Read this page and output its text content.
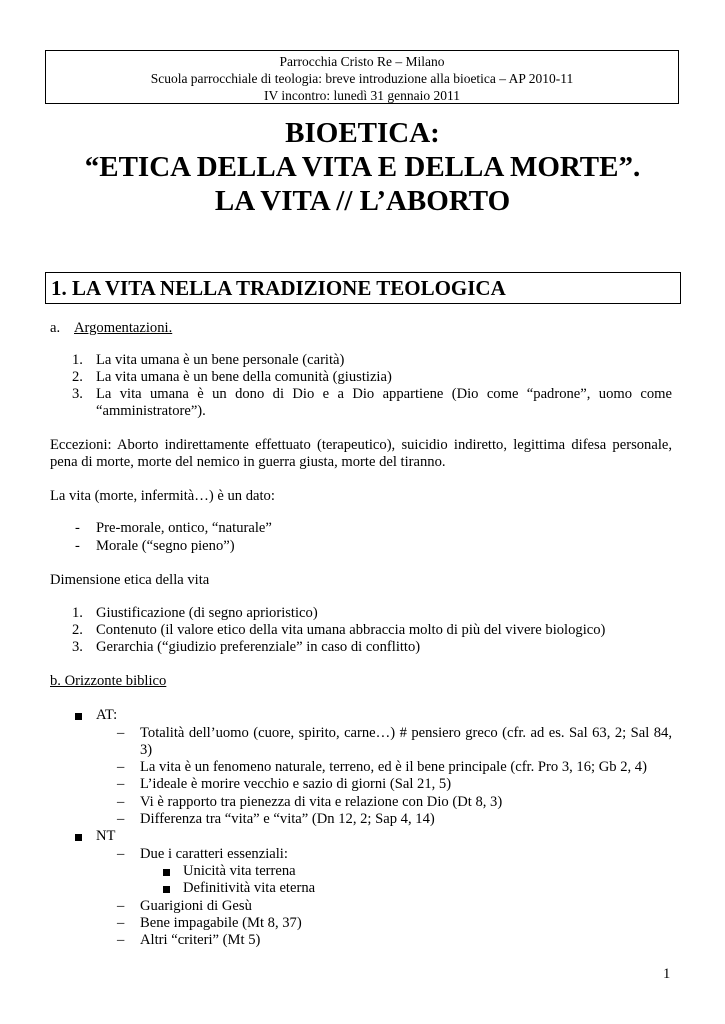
Parrocchia Cristo Re – Milano
Scuola parrocchiale di teologia: breve introduzione alla bioetica – AP 2010-11
IV incontro: lunedì 31 gennaio 2011
BIOETICA:
“ETICA DELLA VITA E DELLA MORTE”.
LA VITA // L’ABORTO
1. LA VITA NELLA TRADIZIONE TEOLOGICA
a. Argomentazioni.
1. La vita umana è un bene personale (carità)
2. La vita umana è un bene della comunità (giustizia)
3. La vita umana è un dono di Dio e a Dio appartiene (Dio come “padrone”, uomo come
“amministratore”).
Eccezioni: Aborto indirettamente effettuato (terapeutico), suicidio indiretto, legittima difesa personale,
pena di morte, morte del nemico in guerra giusta, morte del tiranno.
La vita (morte, infermità…) è un dato:
- Pre-morale, ontico, “naturale”
- Morale (“segno pieno”)
Dimensione etica della vita
1. Giustificazione (di segno aprioristico)
2. Contenuto (il valore etico della vita umana abbraccia molto di più del vivere biologico)
3. Gerarchia (“giudizio preferenziale” in caso di conflitto)
b. Orizzonte biblico
AT:
– Totalità dell’uomo (cuore, spirito, carne…) # pensiero greco (cfr. ad es. Sal 63, 2; Sal 84,
3)
– La vita è un fenomeno naturale, terreno, ed è il bene principale (cfr. Pro 3, 16; Gb 2, 4)
– L’ideale è morire vecchio e sazio di giorni (Sal 21, 5)
– Vi è rapporto tra pienezza di vita e relazione con Dio (Dt 8, 3)
– Differenza tra “vita” e “vita” (Dn 12, 2; Sap 4, 14)
NT
– Due i caratteri essenziali:
Unicità vita terrena
Definitività vita eterna
– Guarigioni di Gesù
– Bene impagabile (Mt 8, 37)
– Altri “criteri” (Mt 5)
1
